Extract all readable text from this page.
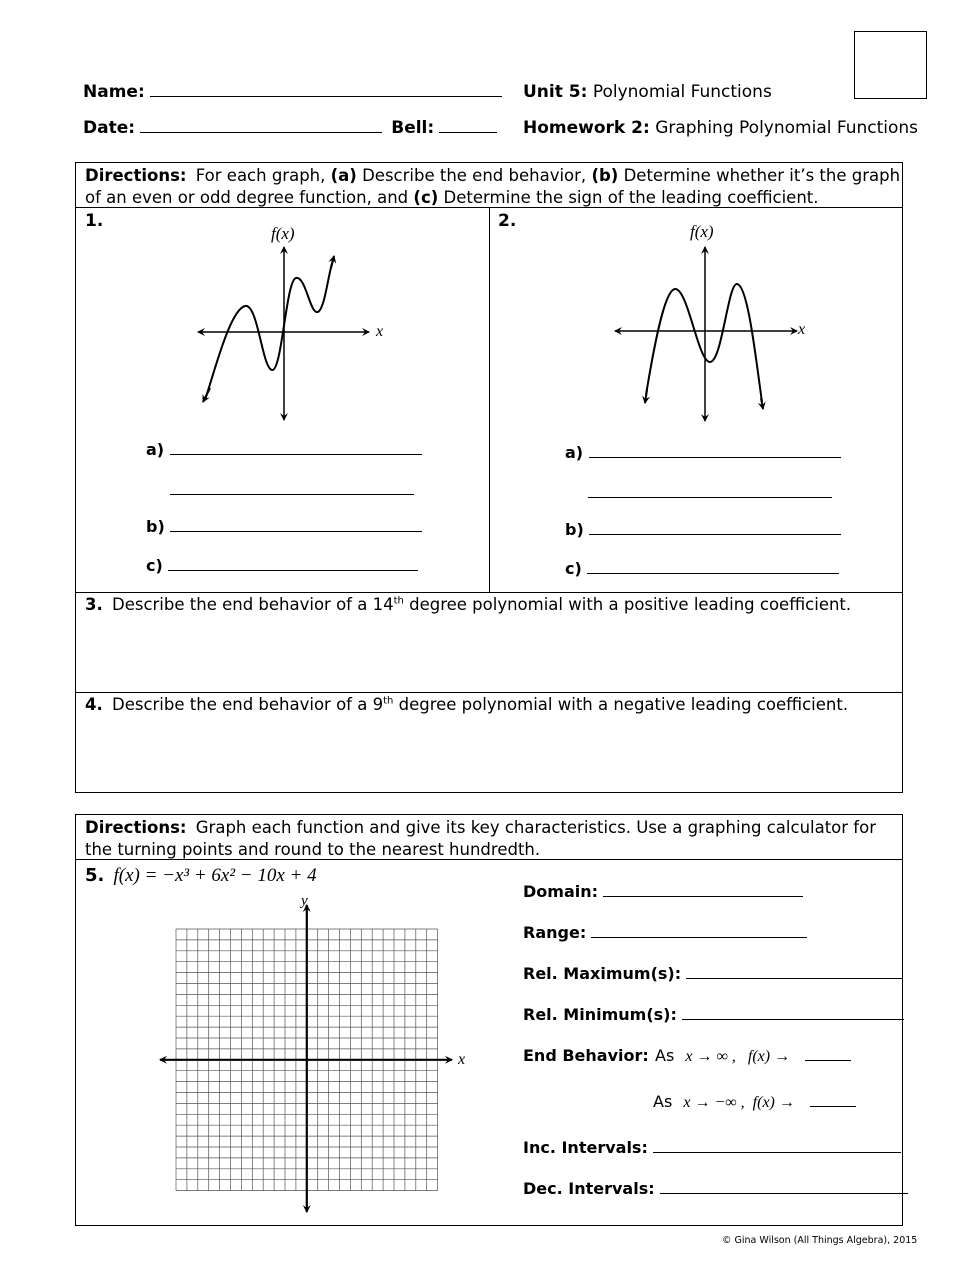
Name:	Unit 5: Polynomial Functions
Date:	Bell:	Homework 2: Graphing Polynomial Functions
Directions: For each graph, (a) Describe the end behavior, (b) Determine whether it’s the graph
of an even or odd degree function, and (c) Determine the sign of the leading coefficient.
1.
f(x)
x
a)
b)
c)
2.
f(x)
x
a)
b)
c)
3. Describe the end behavior of a 14th degree polynomial with a positive leading coefficient.
4. Describe the end behavior of a 9th degree polynomial with a negative leading coefficient.
Directions: Graph each function and give its key characteristics. Use a graphing calculator for
the turning points and round to the nearest hundredth.
5. f(x) = −x³ + 6x² − 10x + 4
y
x
Domain:
Range:
Rel. Maximum(s):
Rel. Minimum(s):
End Behavior: As x → ∞ ,   f(x) →
As x → −∞ ,  f(x) →
Inc. Intervals:
Dec. Intervals:
© Gina Wilson (All Things Algebra), 2015
